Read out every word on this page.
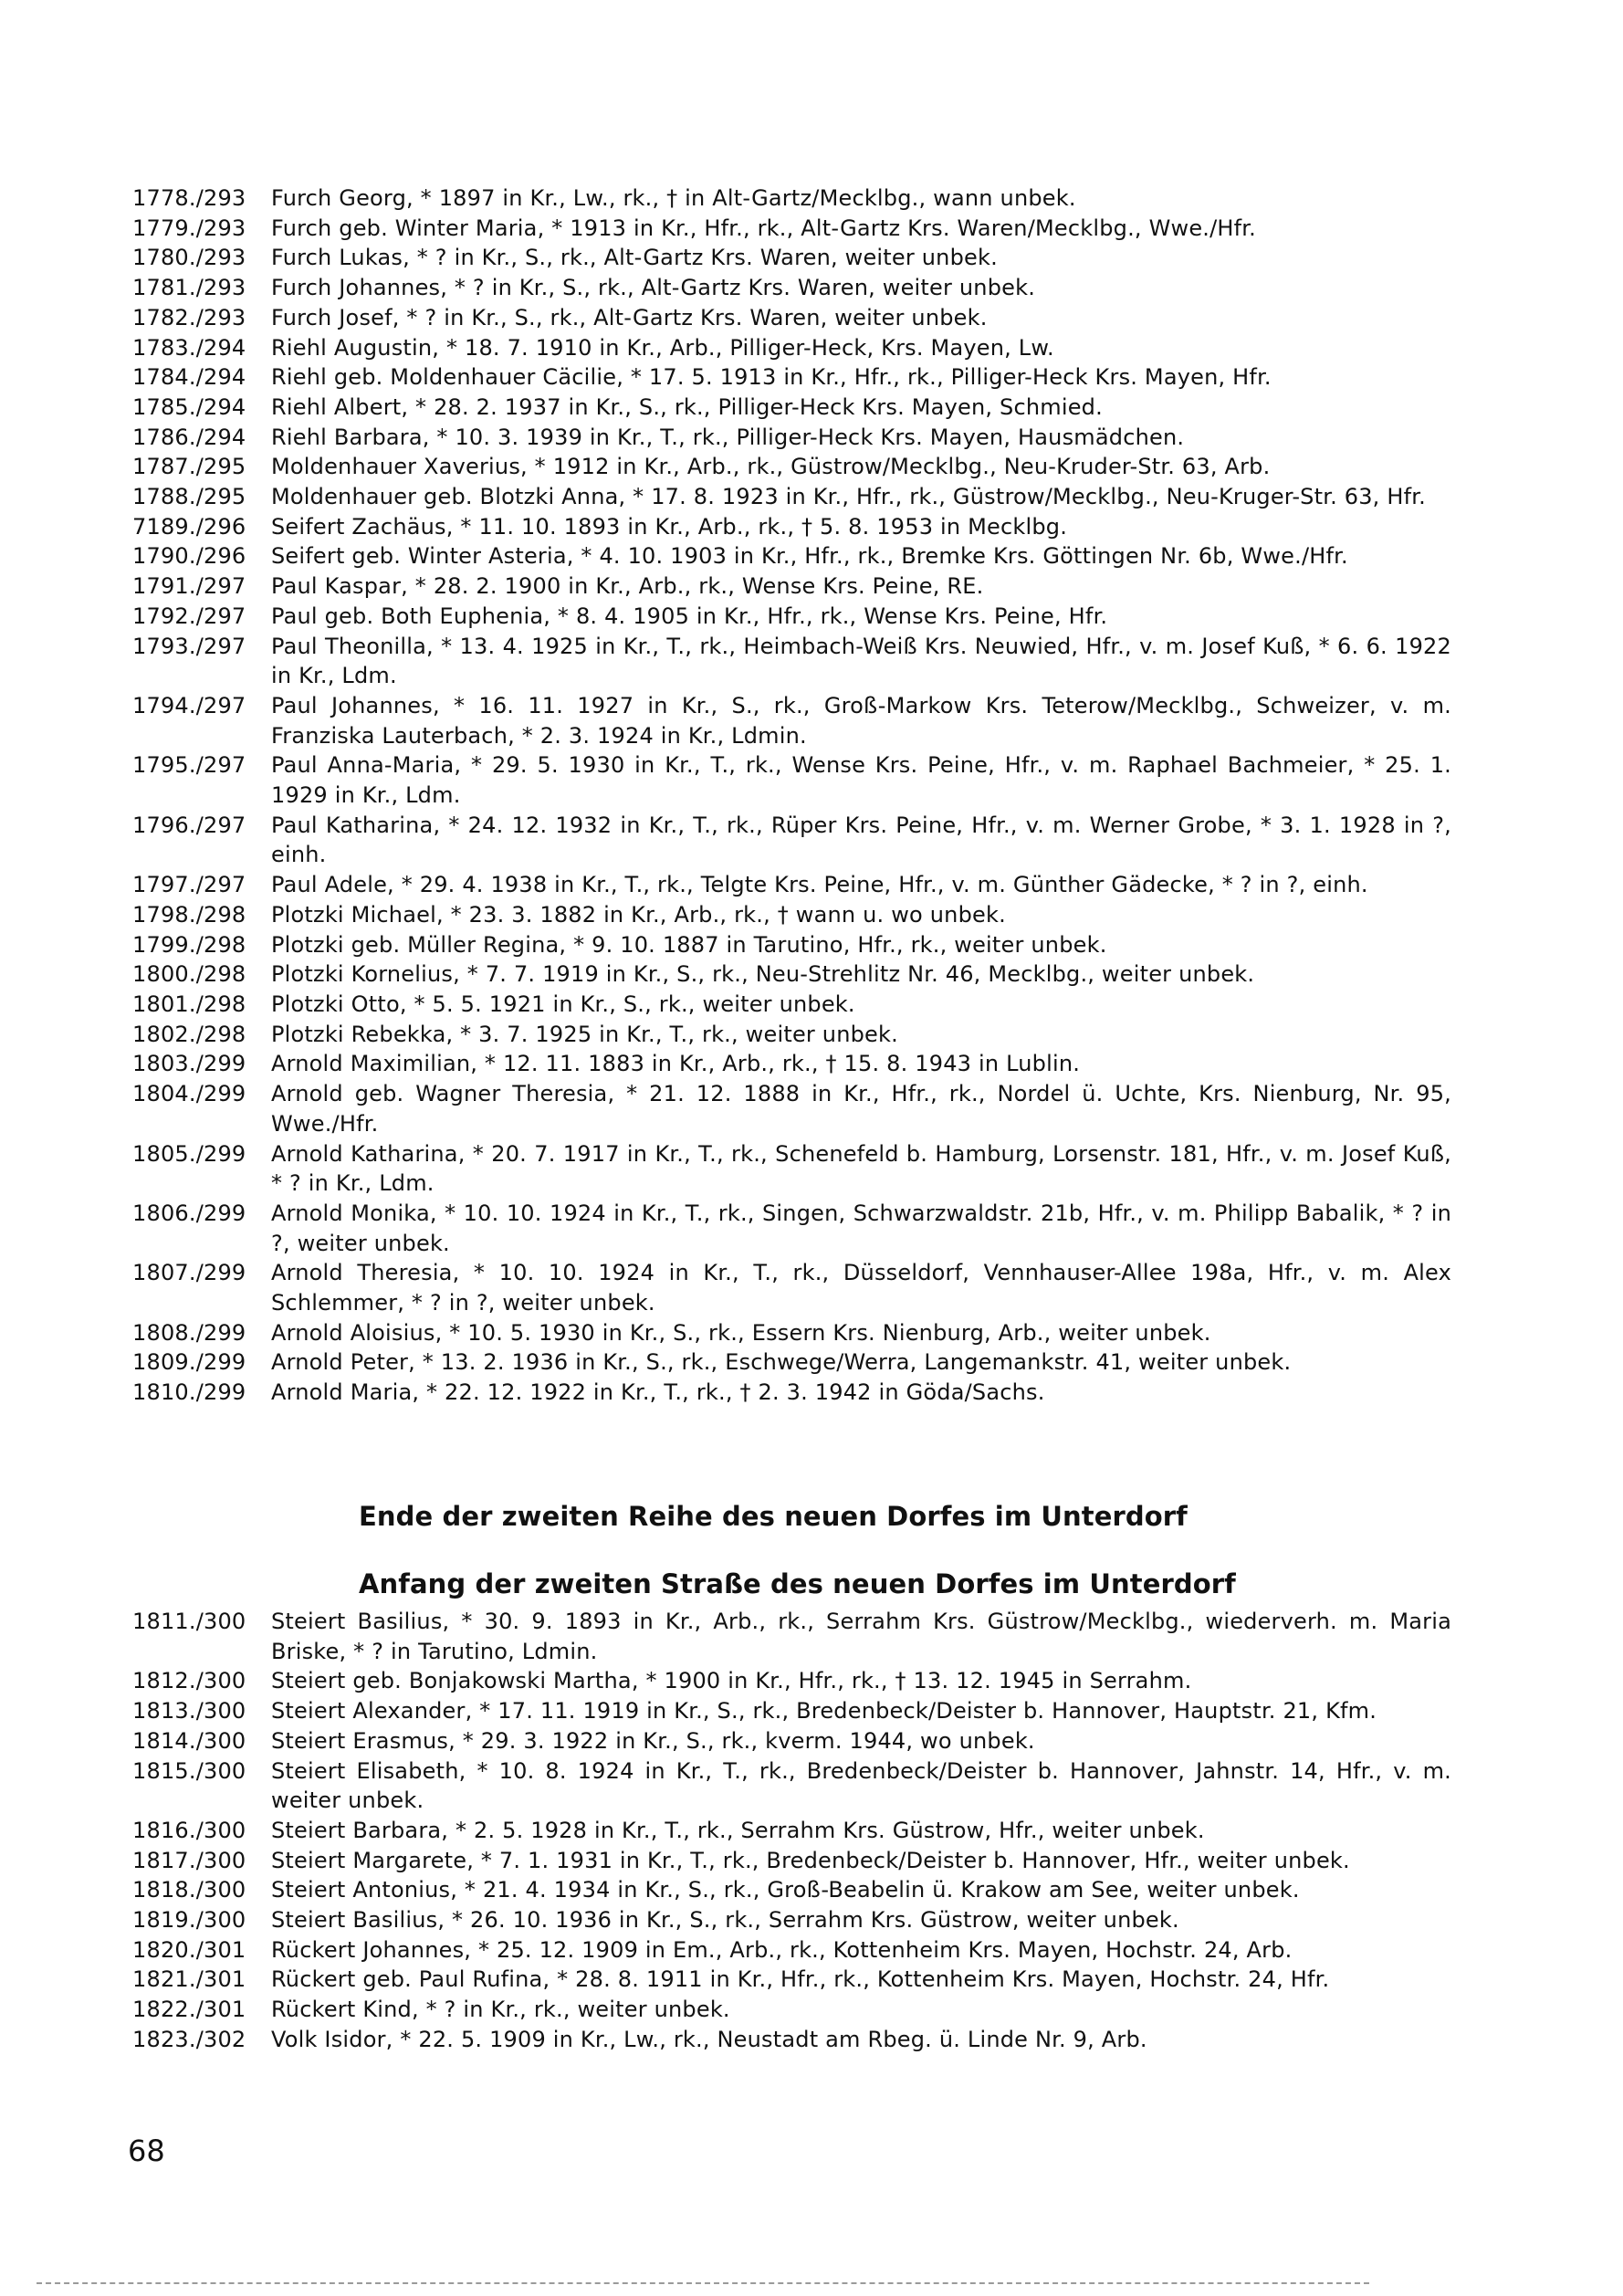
1778./293	Furch Georg, * 1897 in Kr., Lw., rk., † in Alt-Gartz/Mecklbg., wann unbek.
1779./293	Furch geb. Winter Maria, * 1913 in Kr., Hfr., rk., Alt-Gartz Krs. Waren/Mecklbg., Wwe./Hfr.
1780./293	Furch Lukas, * ? in Kr., S., rk., Alt-Gartz Krs. Waren, weiter unbek.
1781./293	Furch Johannes, * ? in Kr., S., rk., Alt-Gartz Krs. Waren, weiter unbek.
1782./293	Furch Josef, * ? in Kr., S., rk., Alt-Gartz Krs. Waren, weiter unbek.
1783./294	Riehl Augustin, * 18. 7. 1910 in Kr., Arb., Pilliger-Heck, Krs. Mayen, Lw.
1784./294	Riehl geb. Moldenhauer Cäcilie, * 17. 5. 1913 in Kr., Hfr., rk., Pilliger-Heck Krs. Mayen, Hfr.
1785./294	Riehl Albert, * 28. 2. 1937 in Kr., S., rk., Pilliger-Heck Krs. Mayen, Schmied.
1786./294	Riehl Barbara, * 10. 3. 1939 in Kr., T., rk., Pilliger-Heck Krs. Mayen, Hausmädchen.
1787./295	Moldenhauer Xaverius, * 1912 in Kr., Arb., rk., Güstrow/Mecklbg., Neu-Kruder-Str. 63, Arb.
1788./295	Moldenhauer geb. Blotzki Anna, * 17. 8. 1923 in Kr., Hfr., rk., Güstrow/Mecklbg., Neu-Kruger-Str. 63, Hfr.
7189./296	Seifert Zachäus, * 11. 10. 1893 in Kr., Arb., rk., † 5. 8. 1953 in Mecklbg.
1790./296	Seifert geb. Winter Asteria, * 4. 10. 1903 in Kr., Hfr., rk., Bremke Krs. Göttingen Nr. 6b, Wwe./Hfr.
1791./297	Paul Kaspar, * 28. 2. 1900 in Kr., Arb., rk., Wense Krs. Peine, RE.
1792./297	Paul geb. Both Euphenia, * 8. 4. 1905 in Kr., Hfr., rk., Wense Krs. Peine, Hfr.
1793./297	Paul Theonilla, * 13. 4. 1925 in Kr., T., rk., Heimbach-Weiß Krs. Neuwied, Hfr., v. m. Josef Kuß, * 6. 6. 1922 in Kr., Ldm.
1794./297	Paul Johannes, * 16. 11. 1927 in Kr., S., rk., Groß-Markow Krs. Teterow/Mecklbg., Schweizer, v. m. Franziska Lauterbach, * 2. 3. 1924 in Kr., Ldmin.
1795./297	Paul Anna-Maria, * 29. 5. 1930 in Kr., T., rk., Wense Krs. Peine, Hfr., v. m. Raphael Bachmeier, * 25. 1. 1929 in Kr., Ldm.
1796./297	Paul Katharina, * 24. 12. 1932 in Kr., T., rk., Rüper Krs. Peine, Hfr., v. m. Werner Grobe, * 3. 1. 1928 in ?, einh.
1797./297	Paul Adele, * 29. 4. 1938 in Kr., T., rk., Telgte Krs. Peine, Hfr., v. m. Günther Gädecke, * ? in ?, einh.
1798./298	Plotzki Michael, * 23. 3. 1882 in Kr., Arb., rk., † wann u. wo unbek.
1799./298	Plotzki geb. Müller Regina, * 9. 10. 1887 in Tarutino, Hfr., rk., weiter unbek.
1800./298	Plotzki Kornelius, * 7. 7. 1919 in Kr., S., rk., Neu-Strehlitz Nr. 46, Mecklbg., weiter unbek.
1801./298	Plotzki Otto, * 5. 5. 1921 in Kr., S., rk., weiter unbek.
1802./298	Plotzki Rebekka, * 3. 7. 1925 in Kr., T., rk., weiter unbek.
1803./299	Arnold Maximilian, * 12. 11. 1883 in Kr., Arb., rk., † 15. 8. 1943 in Lublin.
1804./299	Arnold geb. Wagner Theresia, * 21. 12. 1888 in Kr., Hfr., rk., Nordel ü. Uchte, Krs. Nienburg, Nr. 95, Wwe./Hfr.
1805./299	Arnold Katharina, * 20. 7. 1917 in Kr., T., rk., Schenefeld b. Hamburg, Lorsenstr. 181, Hfr., v. m. Josef Kuß, * ? in Kr., Ldm.
1806./299	Arnold Monika, * 10. 10. 1924 in Kr., T., rk., Singen, Schwarzwaldstr. 21b, Hfr., v. m. Philipp Babalik, * ? in ?, weiter unbek.
1807./299	Arnold Theresia, * 10. 10. 1924 in Kr., T., rk., Düsseldorf, Vennhauser-Allee 198a, Hfr., v. m. Alex Schlemmer, * ? in ?, weiter unbek.
1808./299	Arnold Aloisius, * 10. 5. 1930 in Kr., S., rk., Essern Krs. Nienburg, Arb., weiter unbek.
1809./299	Arnold Peter, * 13. 2. 1936 in Kr., S., rk., Eschwege/Werra, Langemankstr. 41, weiter unbek.
1810./299	Arnold Maria, * 22. 12. 1922 in Kr., T., rk., † 2. 3. 1942 in Göda/Sachs.
Ende der zweiten Reihe des neuen Dorfes im Unterdorf
Anfang der zweiten Straße des neuen Dorfes im Unterdorf
1811./300	Steiert Basilius, * 30. 9. 1893 in Kr., Arb., rk., Serrahm Krs. Güstrow/Mecklbg., wiederverh. m. Maria Briske, * ? in Tarutino, Ldmin.
1812./300	Steiert geb. Bonjakowski Martha, * 1900 in Kr., Hfr., rk., † 13. 12. 1945 in Serrahm.
1813./300	Steiert Alexander, * 17. 11. 1919 in Kr., S., rk., Bredenbeck/Deister b. Hannover, Hauptstr. 21, Kfm.
1814./300	Steiert Erasmus, * 29. 3. 1922 in Kr., S., rk., kverm. 1944, wo unbek.
1815./300	Steiert Elisabeth, * 10. 8. 1924 in Kr., T., rk., Bredenbeck/Deister b. Hannover, Jahnstr. 14, Hfr., v. m. weiter unbek.
1816./300	Steiert Barbara, * 2. 5. 1928 in Kr., T., rk., Serrahm Krs. Güstrow, Hfr., weiter unbek.
1817./300	Steiert Margarete, * 7. 1. 1931 in Kr., T., rk., Bredenbeck/Deister b. Hannover, Hfr., weiter unbek.
1818./300	Steiert Antonius, * 21. 4. 1934 in Kr., S., rk., Groß-Beabelin ü. Krakow am See, weiter unbek.
1819./300	Steiert Basilius, * 26. 10. 1936 in Kr., S., rk., Serrahm Krs. Güstrow, weiter unbek.
1820./301	Rückert Johannes, * 25. 12. 1909 in Em., Arb., rk., Kottenheim Krs. Mayen, Hochstr. 24, Arb.
1821./301	Rückert geb. Paul Rufina, * 28. 8. 1911 in Kr., Hfr., rk., Kottenheim Krs. Mayen, Hochstr. 24, Hfr.
1822./301	Rückert Kind, * ? in Kr., rk., weiter unbek.
1823./302	Volk Isidor, * 22. 5. 1909 in Kr., Lw., rk., Neustadt am Rbeg. ü. Linde Nr. 9, Arb.
68
